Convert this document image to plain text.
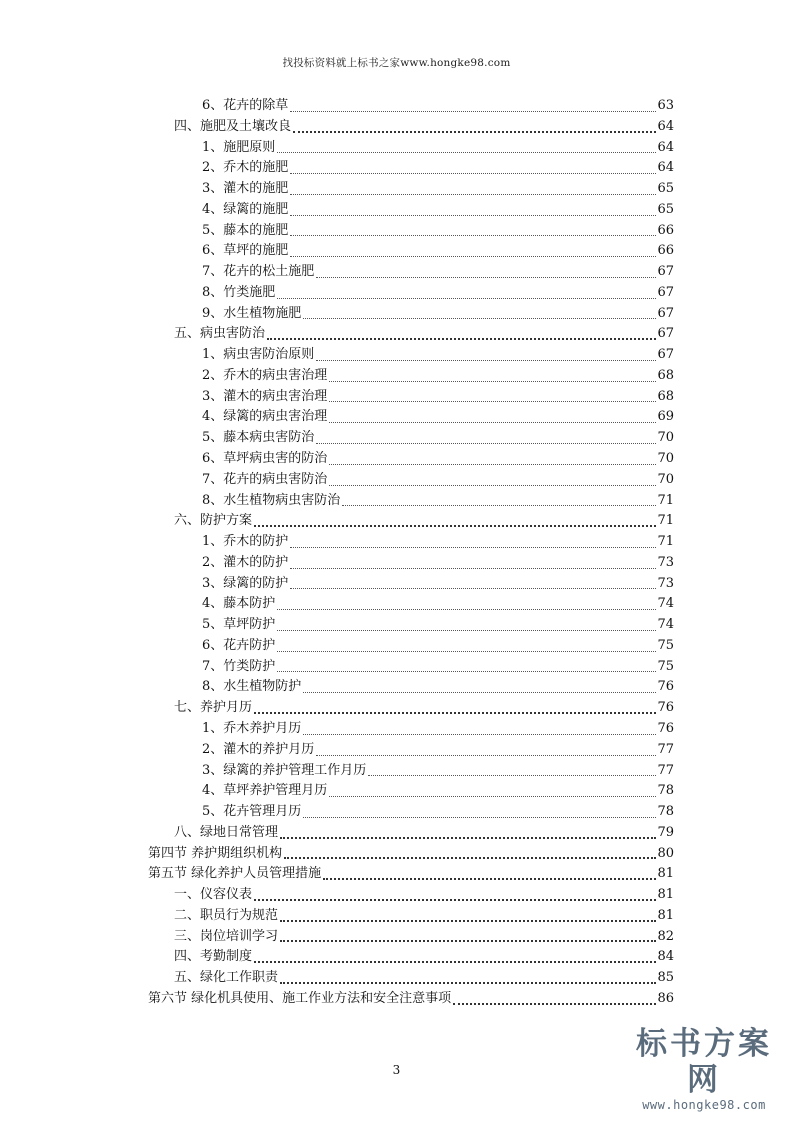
找投标资料就上标书之家www.hongke98.com
6、花卉的除草	63
四、施肥及土壤改良	64
1、施肥原则	64
2、乔木的施肥	64
3、灌木的施肥	65
4、绿篱的施肥	65
5、藤本的施肥	66
6、草坪的施肥	66
7、花卉的松土施肥	67
8、竹类施肥	67
9、水生植物施肥	67
五、病虫害防治	67
1、病虫害防治原则	67
2、乔木的病虫害治理	68
3、灌木的病虫害治理	68
4、绿篱的病虫害治理	69
5、藤本病虫害防治	70
6、草坪病虫害的防治	70
7、花卉的病虫害防治	70
8、水生植物病虫害防治	71
六、防护方案	71
1、乔木的防护	71
2、灌木的防护	73
3、绿篱的防护	73
4、藤本防护	74
5、草坪防护	74
6、花卉防护	75
7、竹类防护	75
8、水生植物防护	76
七、养护月历	76
1、乔木养护月历	76
2、灌木的养护月历	77
3、绿篱的养护管理工作月历	77
4、草坪养护管理月历	78
5、花卉管理月历	78
八、绿地日常管理	79
第四节 养护期组织机构	80
第五节 绿化养护人员管理措施	81
一、仪容仪表	81
二、职员行为规范	81
三、岗位培训学习	82
四、考勤制度	84
五、绿化工作职责	85
第六节 绿化机具使用、施工作业方法和安全注意事项	86
3
标书方案网
www.hongke98.com
